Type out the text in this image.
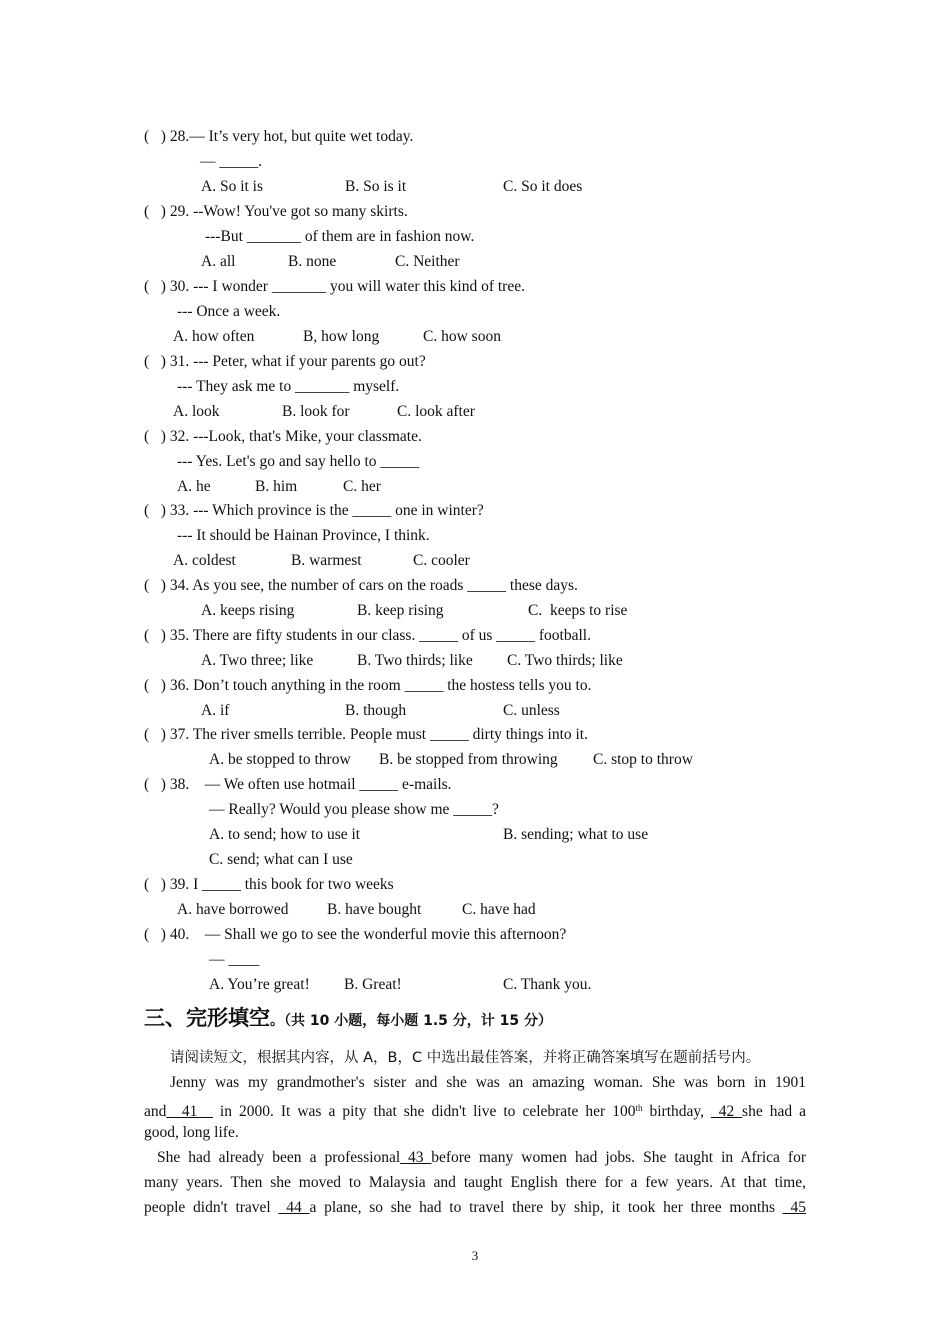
(   ) 28.— It’s very hot, but quite wet today.
— _____.
A. So it is	B. So is it	C. So it does
(   ) 29. --Wow! You've got so many skirts.
---But _______ of them are in fashion now.
A. all	B. none	C. Neither
(   ) 30. --- I wonder _______ you will water this kind of tree.
--- Once a week.
A. how often	B, how long	C. how soon
(   ) 31. --- Peter, what if your parents go out?
--- They ask me to _______ myself.
A. look	B. look for	C. look after
(   ) 32. ---Look, that's Mike, your classmate.
--- Yes. Let's go and say hello to _____
A. he	B. him	C. her
(   ) 33. --- Which province is the _____ one in winter?
--- It should be Hainan Province, I think.
A. coldest	B. warmest	C. cooler
(   ) 34. As you see, the number of cars on the roads _____ these days.
A. keeps rising	B. keep rising	C.  keeps to rise
(   ) 35. There are fifty students in our class. _____ of us _____ football.
A. Two three; like	B. Two thirds; like C. Two thirds; like
(   ) 36. Don’t touch anything in the room _____ the hostess tells you to.
A. if	B. though	C. unless
(   ) 37. The river smells terrible. People must _____ dirty things into it.
A. be stopped to throw B. be stopped from throwing C. stop to throw
(   ) 38.    — We often use hotmail _____ e-mails.
— Really? Would you please show me _____?
A. to send; how to use it	B. sending; what to use
C. send; what can I use
(   ) 39. I _____ this book for two weeks
A. have borrowed B. have bought	C. have had
(   ) 40.    — Shall we go to see the wonderful movie this afternoon?
— ____
A. You’re great! B. Great!	C. Thank you.
三、完形填空。（共 10 小题，每小题 1.5 分，计 15 分）
请阅读短文，根据其内容，从 A，B，C 中选出最佳答案，并将正确答案填写在题前括号内。
Jenny was my grandmother's sister and she was an amazing woman. She was born in 1901
and__41__ in 2000. It was a pity that she didn't live to celebrate her 100th birthday, _42_she had a
good, long life.
She had already been a professional_43_before many women had jobs. She taught in Africa for
many years. Then she moved to Malaysia and taught English there for a few years. At that time,
people didn't travel _44_a plane, so she had to travel there by ship, it took her three months _45
3
